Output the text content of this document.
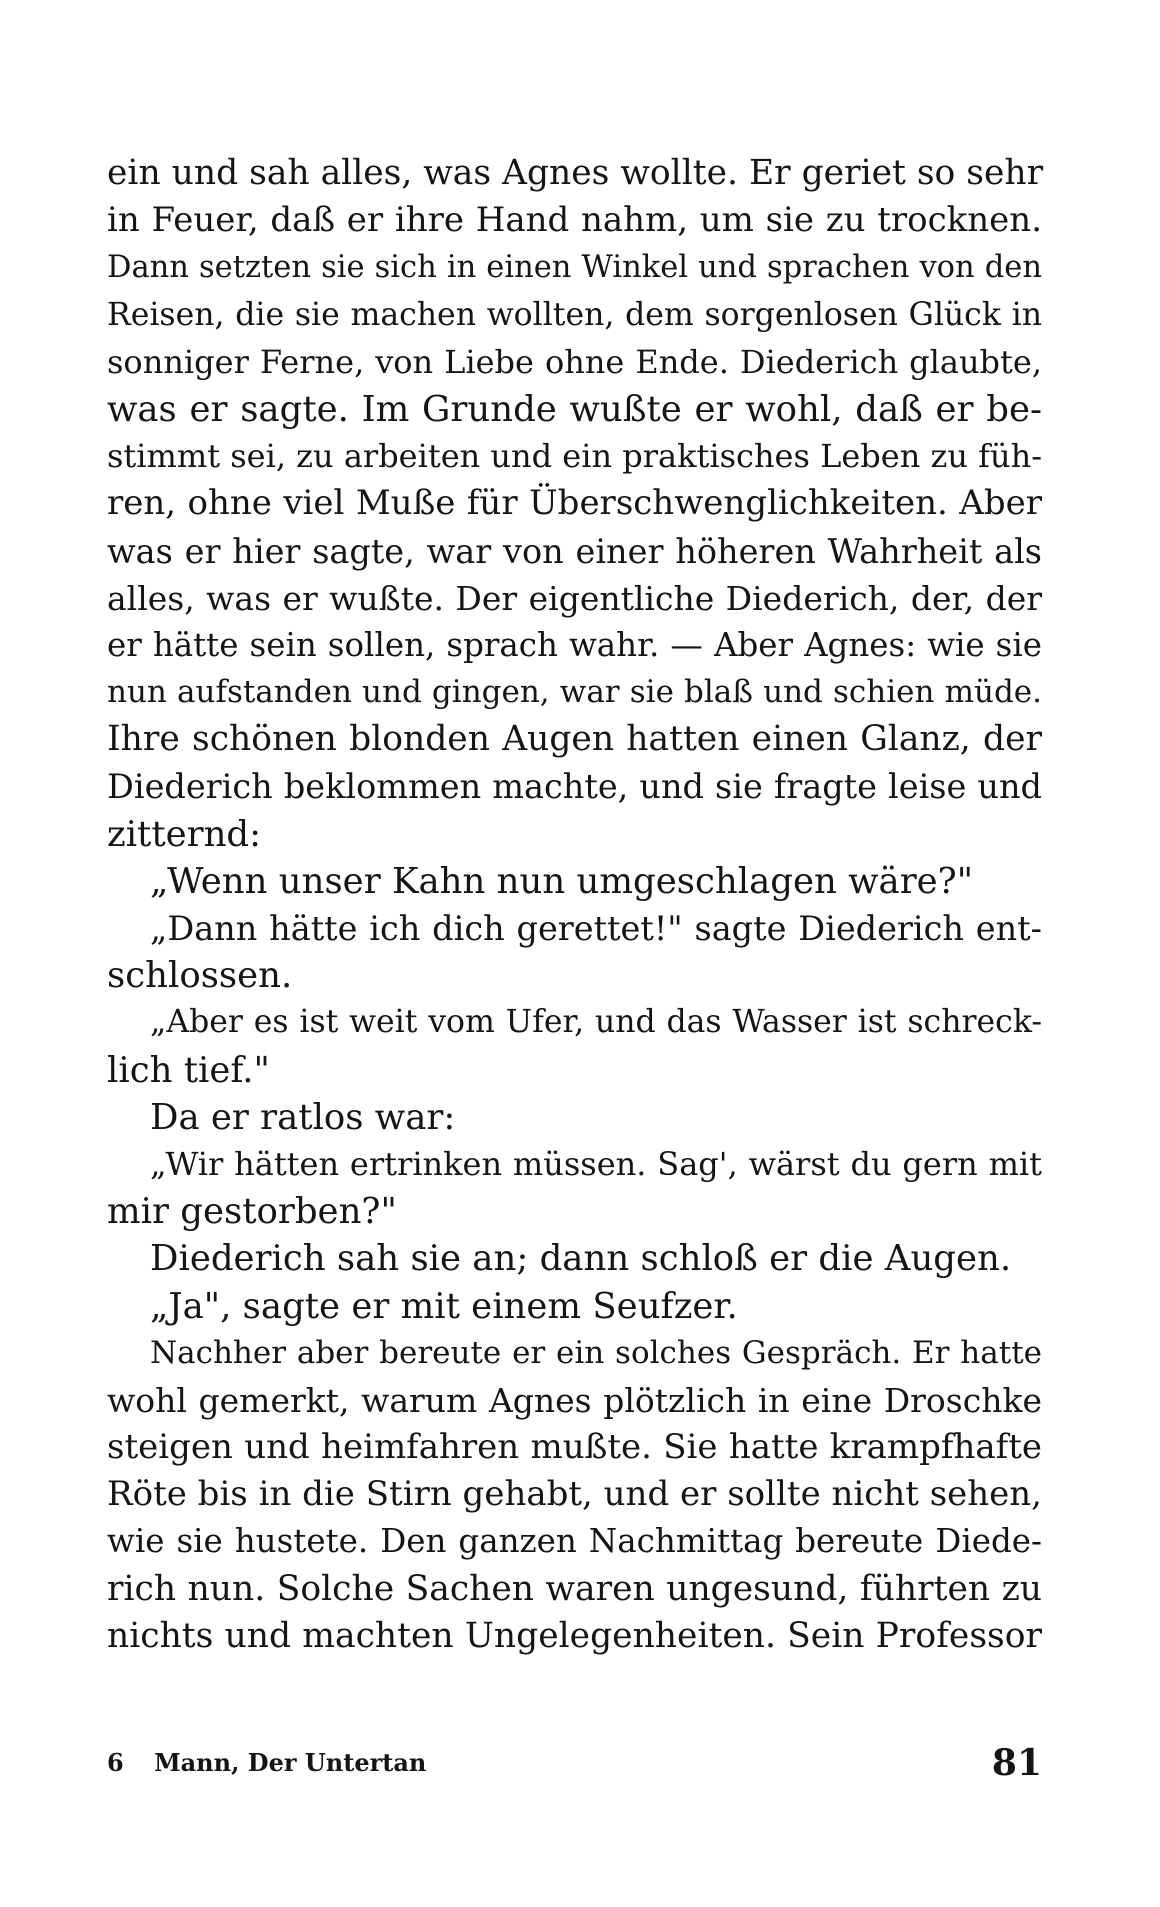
ein und sah alles, was Agnes wollte. Er geriet so sehr
in Feuer, daß er ihre Hand nahm, um sie zu trocknen.
Dann setzten sie sich in einen Winkel und sprachen von den
Reisen, die sie machen wollten, dem sorgenlosen Glück in
sonniger Ferne, von Liebe ohne Ende. Diederich glaubte,
was er sagte. Im Grunde wußte er wohl, daß er be-
stimmt sei, zu arbeiten und ein praktisches Leben zu füh-
ren, ohne viel Muße für Überschwenglichkeiten. Aber
was er hier sagte, war von einer höheren Wahrheit als
alles, was er wußte. Der eigentliche Diederich, der, der
er hätte sein sollen, sprach wahr. — Aber Agnes: wie sie
nun aufstanden und gingen, war sie blaß und schien müde.
Ihre schönen blonden Augen hatten einen Glanz, der
Diederich beklommen machte, und sie fragte leise und
zitternd:
„Wenn unser Kahn nun umgeschlagen wäre?"
„Dann hätte ich dich gerettet!" sagte Diederich ent-
schlossen.
„Aber es ist weit vom Ufer, und das Wasser ist schreck-
lich tief."
Da er ratlos war:
„Wir hätten ertrinken müssen. Sag', wärst du gern mit
mir gestorben?"
Diederich sah sie an; dann schloß er die Augen.
„Ja", sagte er mit einem Seufzer.
Nachher aber bereute er ein solches Gespräch. Er hatte
wohl gemerkt, warum Agnes plötzlich in eine Droschke
steigen und heimfahren mußte. Sie hatte krampfhafte
Röte bis in die Stirn gehabt, und er sollte nicht sehen,
wie sie hustete. Den ganzen Nachmittag bereute Diede-
rich nun. Solche Sachen waren ungesund, führten zu
nichts und machten Ungelegenheiten. Sein Professor
6 Mann, Der Untertan	81
